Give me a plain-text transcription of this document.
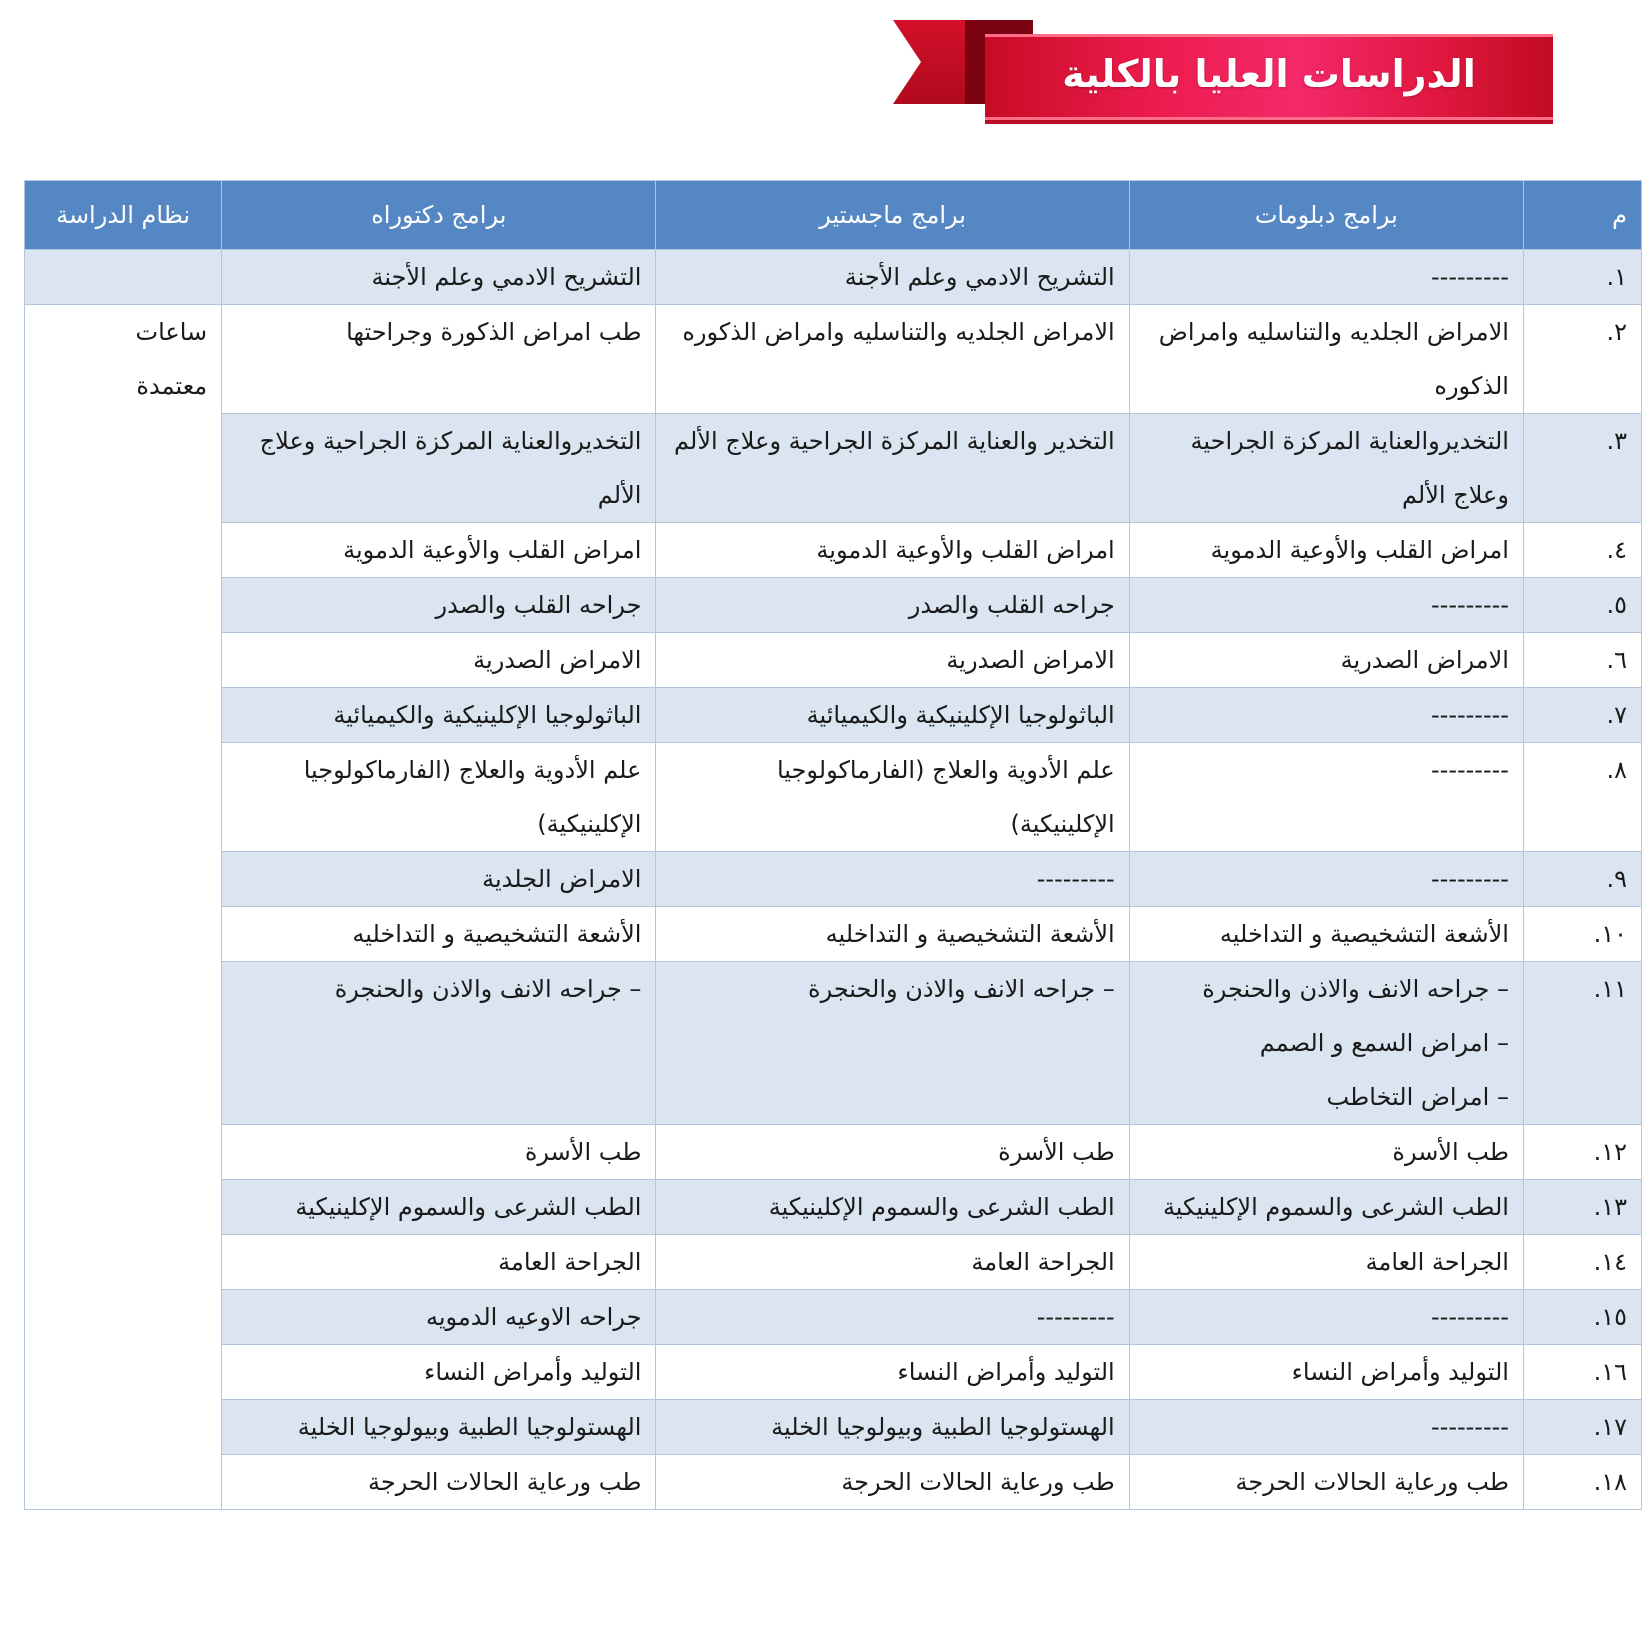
الدراسات العليا بالكلية
م	برامج دبلومات	برامج ماجستير	برامج دكتوراه	نظام الدراسة
١.	---------	التشريح الادمي وعلم الأجنة	التشريح الادمي وعلم الأجنة	
٢.	الامراض الجلديه والتناسليه وامراض الذكوره	الامراض الجلديه والتناسليه وامراض الذكوره	طب امراض الذكورة وجراحتها	ساعات
معتمدة

٣.	التخديروالعناية المركزة الجراحية وعلاج الألم	التخدير والعناية المركزة الجراحية وعلاج الألم	التخديروالعناية المركزة الجراحية وعلاج الألم	
٤.	امراض القلب والأوعية الدموية	امراض القلب والأوعية الدموية	امراض القلب والأوعية الدموية	
٥.	---------	جراحه القلب والصدر	جراحه القلب والصدر	
٦.	الامراض الصدرية	الامراض الصدرية	الامراض الصدرية	
٧.	---------	الباثولوجيا الإكلينيكية والكيميائية	الباثولوجيا الإكلينيكية والكيميائية	
٨.	---------	علم الأدوية والعلاج (الفارماكولوجيا الإكلينيكية)	علم الأدوية والعلاج (الفارماكولوجيا الإكلينيكية)	
٩.	---------	---------	الامراض الجلدية	
١٠.	الأشعة التشخيصية و التداخليه	الأشعة التشخيصية و التداخليه	الأشعة التشخيصية و التداخليه	
١١.	– جراحه الانف والاذن والحنجرة
– امراض السمع و الصمم
– امراض التخاطب	– جراحه الانف والاذن والحنجرة	– جراحه الانف والاذن والحنجرة	
١٢.	طب الأسرة	طب الأسرة	طب الأسرة	
١٣.	الطب الشرعى والسموم الإكلينيكية	الطب الشرعى والسموم الإكلينيكية	الطب الشرعى والسموم الإكلينيكية	
١٤.	الجراحة العامة	الجراحة العامة	الجراحة العامة	
١٥.	---------	---------	جراحه الاوعيه الدمويه	
١٦.	التوليد وأمراض النساء	التوليد وأمراض النساء	التوليد وأمراض النساء	
١٧.	---------	الهستولوجيا الطبية وبيولوجيا الخلية	الهستولوجيا الطبية وبيولوجيا الخلية	
١٨.	طب ورعاية الحالات الحرجة	طب ورعاية الحالات الحرجة	طب ورعاية الحالات الحرجة	
